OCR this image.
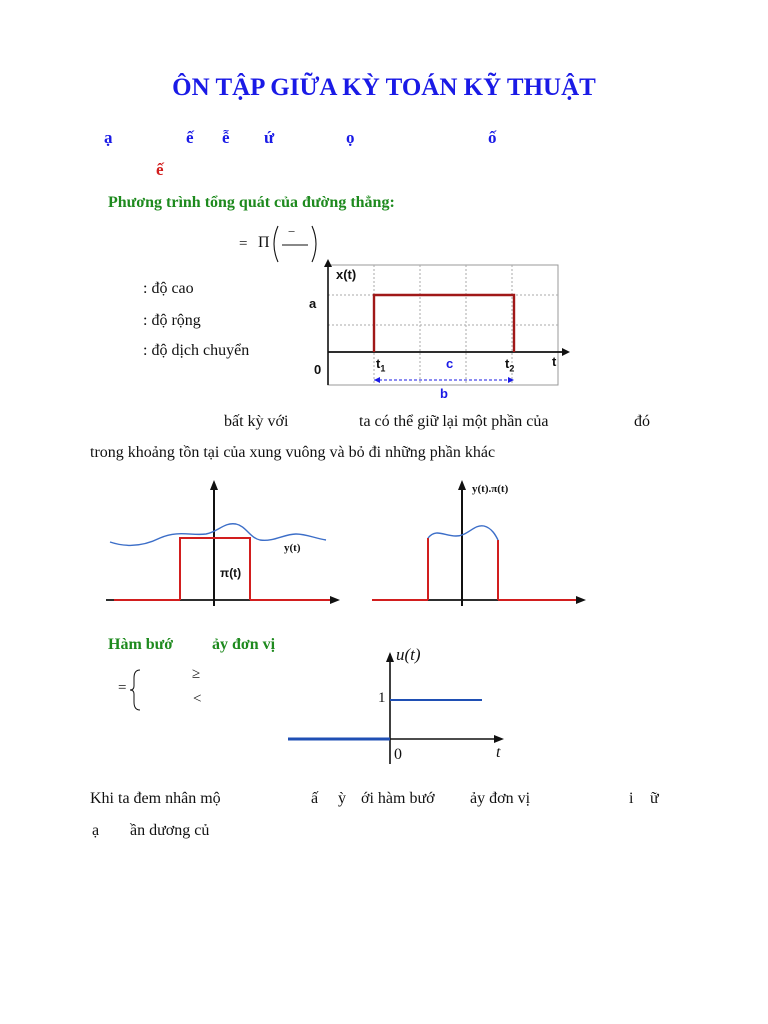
ÔN TẬP GIỮA KỲ TOÁN KỸ THUẬT
ạ	ế ễ ứ	ọ	ố
ế
Phương trình tổng quát của đường thẳng:
= Π
−
: độ cao
: độ rộng
: độ dịch chuyển
x(t)
a
0	$t_1$	c	$t_2$	t
b
bất kỳ với	ta có thể giữ lại một phần của	đó
trong khoảng tồn tại của xung vuông và bỏ đi những phần khác
y(t)
π(t)
y(t).π(t)
Hàm bướ ảy đơn vị
=
≥
<
u(t)
1
0	t
Khi ta đem nhân mộ	ấ ỳ ới hàm bướ ảy đơn vị	i ữ
ạ ần dương củ
